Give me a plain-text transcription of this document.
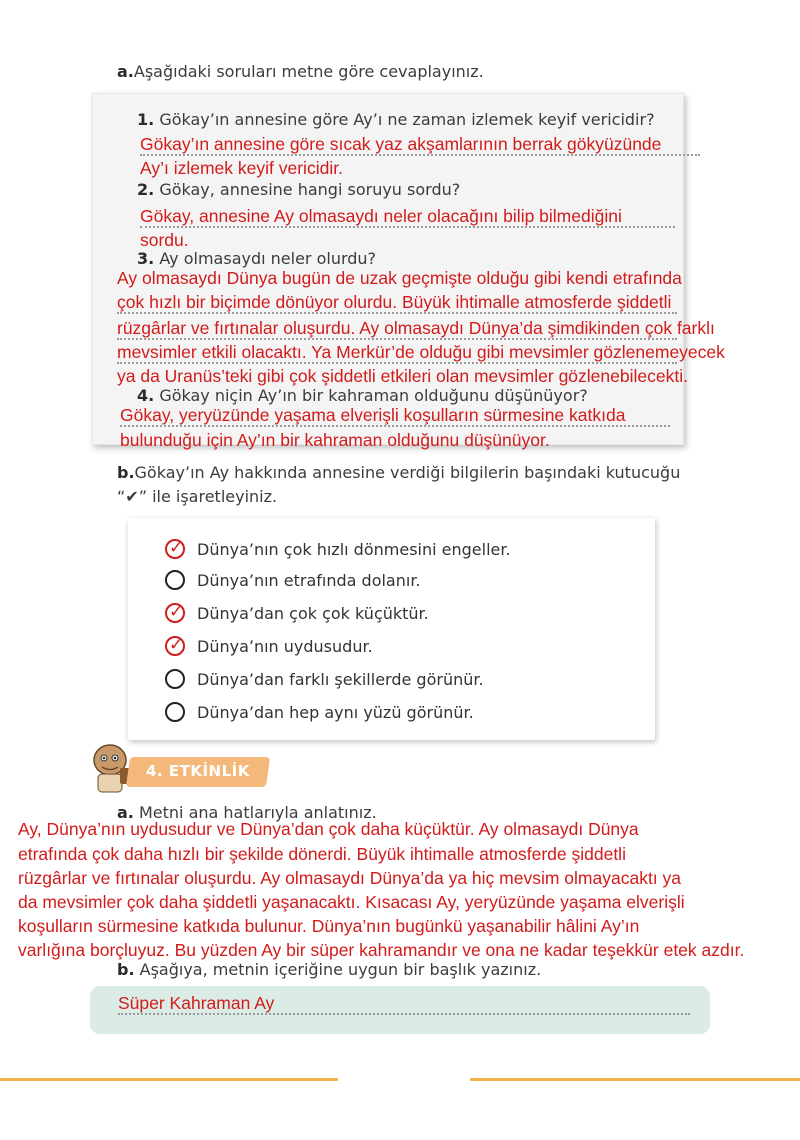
a.Aşağıdaki soruları metne göre cevaplayınız.
1. Gökay’ın annesine göre Ay’ı ne zaman izlemek keyif vericidir?
Gökay’ın annesine göre sıcak yaz akşamlarının berrak gökyüzünde
Ay’ı izlemek keyif vericidir.
2. Gökay, annesine hangi soruyu sordu?
Gökay, annesine Ay olmasaydı neler olacağını bilip bilmediğini
sordu.
3. Ay olmasaydı neler olurdu?
Ay olmasaydı Dünya bugün de uzak geçmişte olduğu gibi kendi etrafında
çok hızlı bir biçimde dönüyor olurdu. Büyük ihtimalle atmosferde şiddetli
rüzgârlar ve fırtınalar oluşurdu. Ay olmasaydı Dünya’da şimdikinden çok farklı
mevsimler etkili olacaktı. Ya Merkür’de olduğu gibi mevsimler gözlenemeyecek
ya da Uranüs’teki gibi çok şiddetli etkileri olan mevsimler gözlenebilecekti.
4. Gökay niçin Ay’ın bir kahraman olduğunu düşünüyor?
Gökay, yeryüzünde yaşama elverişli koşulların sürmesine katkıda
bulunduğu için Ay’ın bir kahraman olduğunu düşünüyor.
b.Gökay’ın Ay hakkında annesine verdiği bilgilerin başındaki kutucuğu
“✔” ile işaretleyiniz.
✓ Dünya’nın çok hızlı dönmesini engeller.
Dünya’nın etrafında dolanır.
✓ Dünya’dan çok çok küçüktür.
✓ Dünya’nın uydusudur.
Dünya’dan farklı şekillerde görünür.
Dünya’dan hep aynı yüzü görünür.
4. ETKİNLİK
a. Metni ana hatlarıyla anlatınız.
Ay, Dünya’nın uydusudur ve Dünya’dan çok daha küçüktür. Ay olmasaydı Dünya
etrafında çok daha hızlı bir şekilde dönerdi. Büyük ihtimalle atmosferde şiddetli
rüzgârlar ve fırtınalar oluşurdu. Ay olmasaydı Dünya’da ya hiç mevsim olmayacaktı ya
da mevsimler çok daha şiddetli yaşanacaktı. Kısacası Ay, yeryüzünde yaşama elverişli
koşulların sürmesine katkıda bulunur. Dünya’nın bugünkü yaşanabilir hâlini Ay’ın
varlığına borçluyuz. Bu yüzden Ay bir süper kahramandır ve ona ne kadar teşekkür etek azdır.
b. Aşağıya, metnin içeriğine uygun bir başlık yazınız.
Süper Kahraman Ay
